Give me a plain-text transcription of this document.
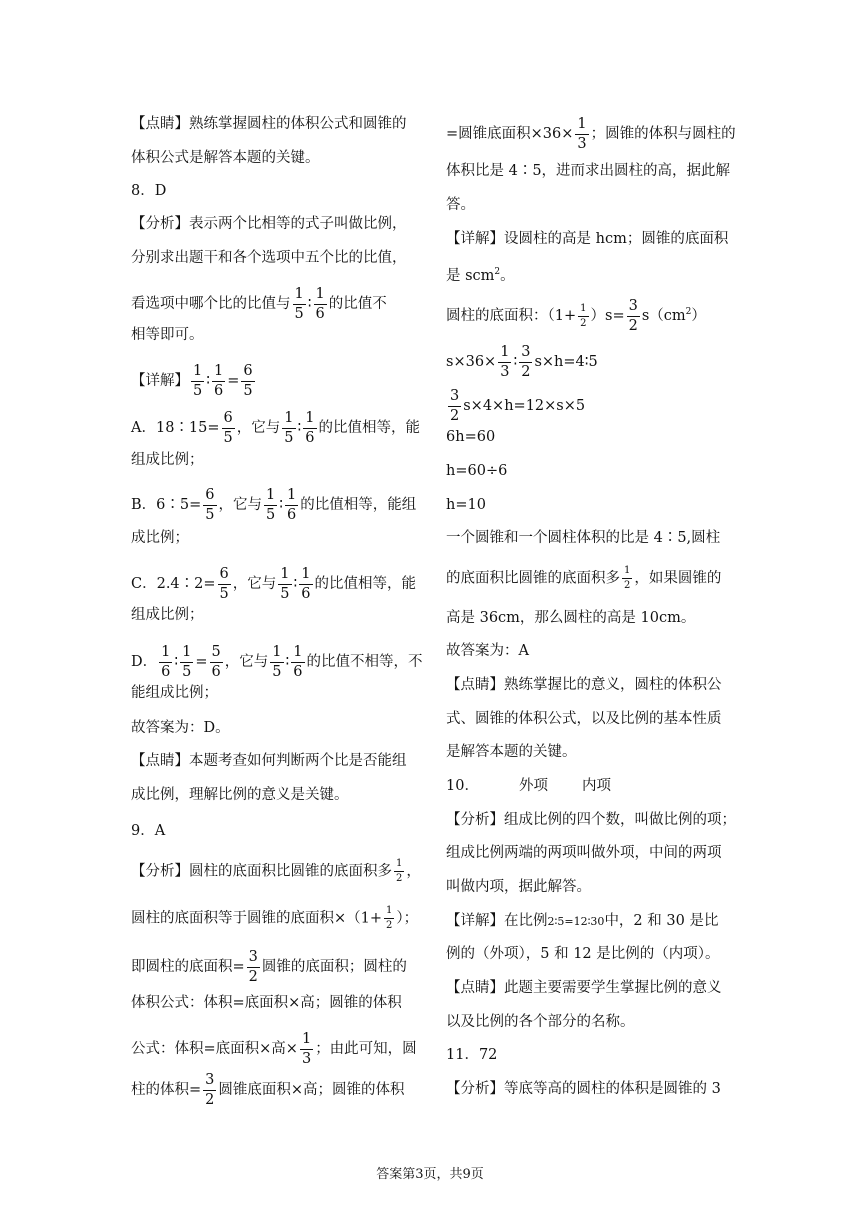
【点睛】熟练掌握圆柱的体积公式和圆锥的
体积公式是解答本题的关键。
8．D
【分析】表示两个比相等的式子叫做比例，
分别求出题干和各个选项中五个比的比值，
看选项中哪个比的比值与 $\frac{1}{5}$ ∶ $\frac{1}{6}$ 的比值不
相等即可。
【详解】 $\frac{1}{5}$ ∶ $\frac{1}{6} = \frac{6}{5}$
A．18∶15= $\frac{6}{5}$ ，它与 $\frac{1}{5}$ ∶ $\frac{1}{6}$ 的比值相等，能
组成比例；
B．6∶5= $\frac{6}{5}$ ，它与 $\frac{1}{5}$ ∶ $\frac{1}{6}$ 的比值相等，能组
成比例；
C．2.4∶2= $\frac{6}{5}$ ，它与 $\frac{1}{5}$ ∶ $\frac{1}{6}$ 的比值相等，能
组成比例；
D． $\frac{1}{6}$ ∶ $\frac{1}{5} = \frac{5}{6}$ ，它与 $\frac{1}{5}$ ∶ $\frac{1}{6}$ 的比值不相等，不
能组成比例；
故答案为：D。
【点睛】本题考查如何判断两个比是否能组
成比例，理解比例的意义是关键。
9．A
【分析】圆柱的底面积比圆锥的底面积多 $\frac{1}{2}$ ，
圆柱的底面积等于圆锥的底面积$\times(1+ \frac{1}{2}$ ）；
即圆柱的底面积= $\frac{3}{2}$ 圆锥的底面积；圆柱的
体积公式：体积=底面积×高；圆锥的体积
公式：体积=底面积×高× $\frac{1}{3}$ ；由此可知，圆
柱的体积= $\frac{3}{2}$ 圆锥底面积×高；圆锥的体积
=圆锥底面积$\times 36\times \frac{1}{3}$ ；圆锥的体积与圆柱的
体积比是 4∶5，进而求出圆柱的高，据此解
答。
【详解】设圆柱的高是 hcm；圆锥的底面积
是 scm$^2$。
圆柱的底面积：$(1+ \frac{1}{2} )s= \frac{3}{2} s(cm^2)$
$s\times 36\times \frac{1}{3}$ ∶ $\frac{3}{2}$ s×h=4∶5
$\frac{3}{2} s\times 4\times h=12\times s\times 5$
6h=60
h=60÷6
h=10
一个圆锥和一个圆柱体积的比是 4∶5,圆柱
的底面积比圆锥的底面积多 $\frac{1}{2}$ ，如果圆锥的
高是 36cm，那么圆柱的高是 10cm。
故答案为：A
【点睛】熟练掌握比的意义，圆柱的体积公
式、圆锥的体积公式，以及比例的基本性质
是解答本题的关键。
10．	外项 内项
【分析】组成比例的四个数，叫做比例的项；
组成比例两端的两项叫做外项，中间的两项
叫做内项，据此解答。
【详解】在比例2∶5=12∶30中，2 和 30 是比
例的（外项），5 和 12 是比例的（内项）。
【点睛】此题主要需要学生掌握比例的意义
以及比例的各个部分的名称。
11．72
【分析】等底等高的圆柱的体积是圆锥的 3
答案第3页，共9页
